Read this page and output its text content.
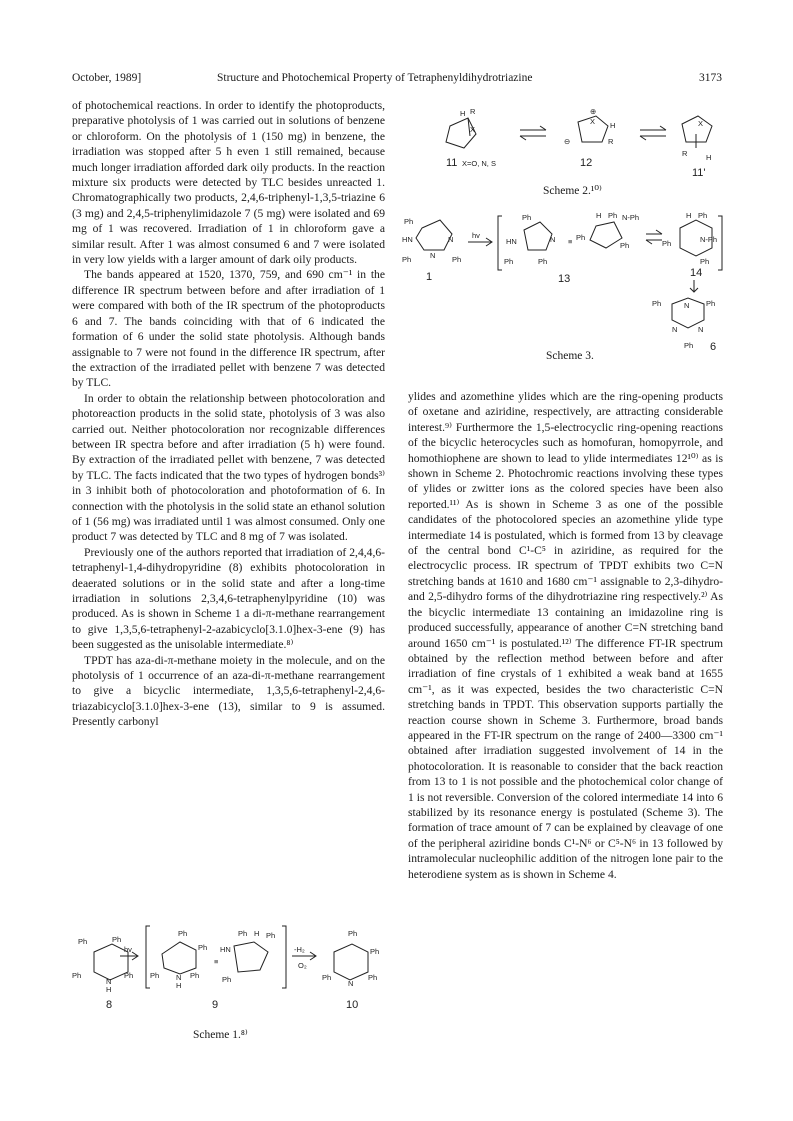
October, 1989]	Structure and Photochemical Property of Tetraphenyldihydrotriazine	3173

of photochemical reactions. In order to identify the photoproducts, preparative photolysis of 1 was carried out in solutions of benzene or chloroform. On the photolysis of 1 (150 mg) in benzene, the irradiation was stopped after 5 h even 1 still remained, because much longer irradiation afforded dark oily products. In the reaction mixture six products were detected by TLC besides unreacted 1. Chromatographically two products, 2,4,6-triphenyl-1,3,5-triazine 6 (3 mg) and 2,4,5-triphenylimidazole 7 (5 mg) were isolated and 69 mg of 1 was recovered. Irradiation of 1 in chloroform gave a similar result. After 1 was almost consumed 6 and 7 were isolated in very low yields with a larger amount of dark oily products.

The bands appeared at 1520, 1370, 759, and 690 cm⁻¹ in the difference IR spectrum between before and after irradiation of 1 were compared with both of the IR spectrum of the photoproducts 6 and 7. The bands coinciding with that of 6 indicated the formation of 6 under the solid state photolysis. Although bands assignable to 7 were not found in the difference IR spectrum, after the extraction of the irradiated pellet with benzene 7 was detected by TLC.

In order to obtain the relationship between photocoloration and photoreaction products in the solid state, photolysis of 3 was also carried out. Neither photocoloration nor recognizable differences between IR spectra before and after irradiation (5 h) were found. By extraction of the irradiated pellet with benzene, 7 was detected by TLC. The facts indicated that the two types of hydrogen bonds³⁾ in 3 inhibit both of photocoloration and photoformation of 6. In connection with the photolysis in the solid state an ethanol solution of 1 (56 mg) was irradiated until 1 was almost consumed. Only one product 7 was detected by TLC and 8 mg of 7 was isolated.

Previously one of the authors reported that irradiation of 2,4,4,6-tetraphenyl-1,4-dihydropyridine (8) exhibits photocoloration in deaerated solutions or in the solid state and after a long-time irradiation in solutions 2,3,4,6-tetraphenylpyridine (10) was produced. As is shown in Scheme 1 a di-π-methane rearrangement to give 1,3,5,6-tetraphenyl-2-azabicyclo[3.1.0]hex-3-ene (9) has been suggested as the unisolable intermediate.⁸⁾

TPDT has aza-di-π-methane moiety in the molecule, and on the photolysis of 1 occurrence of an aza-di-π-methane rearrangement to give a bicyclic intermediate, 1,3,5,6-tetraphenyl-2,4,6-triazabicyclo[3.1.0]hex-3-ene (13), similar to 9 is assumed. Presently carbonyl

ylides and azomethine ylides which are the ring-opening products of oxetane and aziridine, respectively, are attracting considerable interest.⁹⁾ Furthermore the 1,5-electrocyclic ring-opening reactions of the bicyclic heterocycles such as homofuran, homopyrrole, and homothiophene are shown to lead to ylide intermediates 12¹⁰⁾ as is shown in Scheme 2. Photochromic reactions involving these types of ylides or zwitter ions as the colored species have been also reported.¹¹⁾ As is shown in Scheme 3 as one of the possible candidates of the photocolored species an azomethine ylide type intermediate 14 is postulated, which is formed from 13 by cleavage of the central bond C¹-C⁵ in aziridine, as required for the electrocyclic process. IR spectrum of TPDT exhibits two C=N stretching bands at 1610 and 1680 cm⁻¹ assignable to 2,3-dihydro- and 2,5-dihydro forms of the dihydrotriazine ring respectively.²⁾ As the bicyclic intermediate 13 containing an imidazoline ring is produced successfully, appearance of another C=N stretching band around 1650 cm⁻¹ is postulated.¹²⁾ The difference FT-IR spectrum obtained by the reflection method between before and after irradiation of fine crystals of 1 exhibited a weak band at 1655 cm⁻¹, as it was expected, besides the two characteristic C=N stretching bands in TPDT. This observation supports partially the reaction course shown in Scheme 3. Furthermore, broad bands appeared in the FT-IR spectrum on the range of 2400—3300 cm⁻¹ obtained after irradiation suggested involvement of 14 in the photocoloration. It is reasonable to consider that the back reaction from 13 to 1 is not possible and the photochemical color change of 1 is not reversible. Conversion of the colored intermediate 14 into 6 stabilized by its resonance energy is postulated (Scheme 3). The formation of trace amount of 7 can be explained by cleavage of one of the peripheral aziridine bonds C¹-N⁶ or C⁵-N⁶ in 13 followed by intramolecular nucleophilic addition of the nitrogen lone pair to the heterodiene system as is shown in Scheme 4.

H R
X
11 X=O, N, S
⊕
X
⊖
H
R
12
X
R H
11'
Scheme 2.¹⁰⁾
Ph
HN	N
Ph	Ph
N
1
hv
Ph
HN
Ph	Ph
N ≡
H Ph N-Ph
Ph
Ph
13
H Ph
Ph	N-Ph
Ph
14
Ph	N Ph
N	N
Ph 6
Scheme 3.
Ph	Ph
Ph	Ph
N
H
8
hv
Ph
Ph
Ph	Ph
N
H
≡
Ph H Ph
HN
Ph
9
-H₂
O₂
Ph
Ph
Ph	Ph
N
10
Scheme 1.⁸⁾
